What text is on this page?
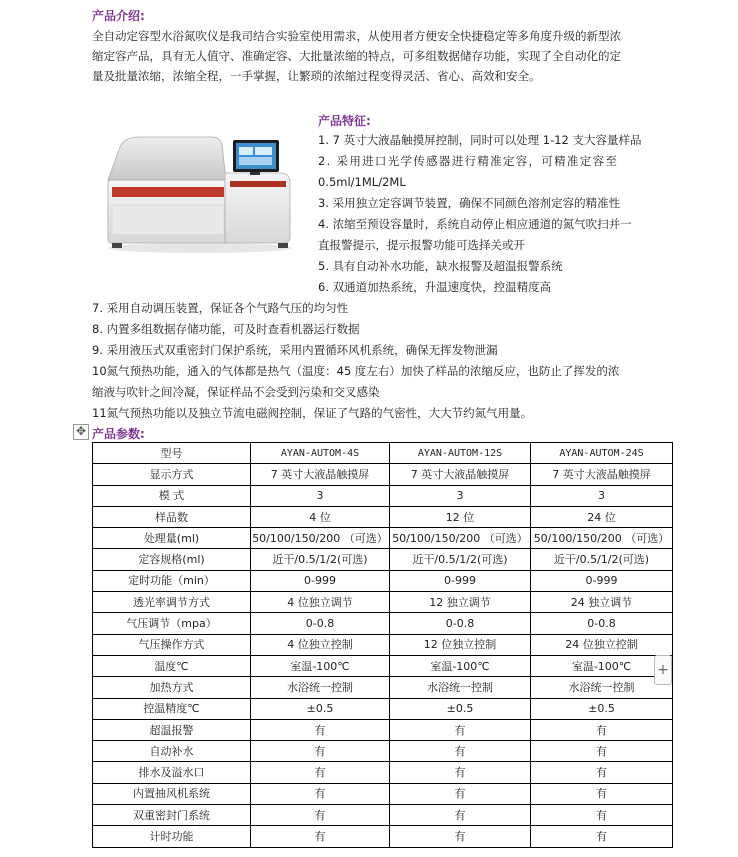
产品介绍:
全自动定容型水浴氮吹仪是我司结合实验室使用需求，从使用者方便安全快捷稳定等多角度升级的新型浓
缩定容产品，具有无人值守、准确定容、大批量浓缩的特点，可多组数据储存功能，实现了全自动化的定
量及批量浓缩，浓缩全程，一手掌握，让繁琐的浓缩过程变得灵活、省心、高效和安全。
产品特征:
1. 7 英寸大液晶触摸屏控制，同时可以处理 1-12 支大容量样品
2. 采用进口光学传感器进行精准定容，可精准定容至
0.5ml/1ML/2ML
3. 采用独立定容调节装置，确保不同颜色溶剂定容的精准性
4. 浓缩至预设容量时，系统自动停止相应通道的氮气吹扫并一
直报警提示，提示报警功能可选择关或开
5. 具有自动补水功能，缺水报警及超温报警系统
6. 双通道加热系统，升温速度快，控温精度高
7. 采用自动调压装置，保证各个气路气压的均匀性
8. 内置多组数据存储功能，可及时查看机器运行数据
9. 采用液压式双重密封门保护系统，采用内置循环风机系统，确保无挥发物泄漏
10氮气预热功能，通入的气体都是热气（温度：45 度左右）加快了样品的浓缩反应，也防止了挥发的浓
缩液与吹针之间冷凝，保证样品不会受到污染和交叉感染
11氮气预热功能以及独立节流电磁阀控制，保证了气路的气密性，大大节约氮气用量。
✥ 产品参数:
型号	AYAN-AUTOM-4S	AYAN-AUTOM-12S	AYAN-AUTOM-24S
显示方式	7 英寸大液晶触摸屏	7 英寸大液晶触摸屏	7 英寸大液晶触摸屏
模 式	3	3	3
样品数	4 位	12 位	24 位
处理量(ml)	50/100/150/200 （可选）	50/100/150/200 （可选）	50/100/150/200 （可选）
定容规格(ml)	近干/0.5/1/2(可选)	近干/0.5/1/2(可选)	近干/0.5/1/2(可选)
定时功能（min）	0-999	0-999	0-999
透光率调节方式	4 位独立调节	12 独立调节	24 独立调节
气压调节（mpa）	0-0.8	0-0.8	0-0.8
气压操作方式	4 位独立控制	12 位独立控制	24 位独立控制
温度℃	室温-100℃	室温-100℃	室温-100℃
加热方式	水浴统一控制	水浴统一控制	水浴统一控制
控温精度℃	±0.5	±0.5	±0.5
超温报警	有	有	有
自动补水	有	有	有
排水及溢水口	有	有	有
内置抽风机系统	有	有	有
双重密封门系统	有	有	有
计时功能	有	有	有
+
